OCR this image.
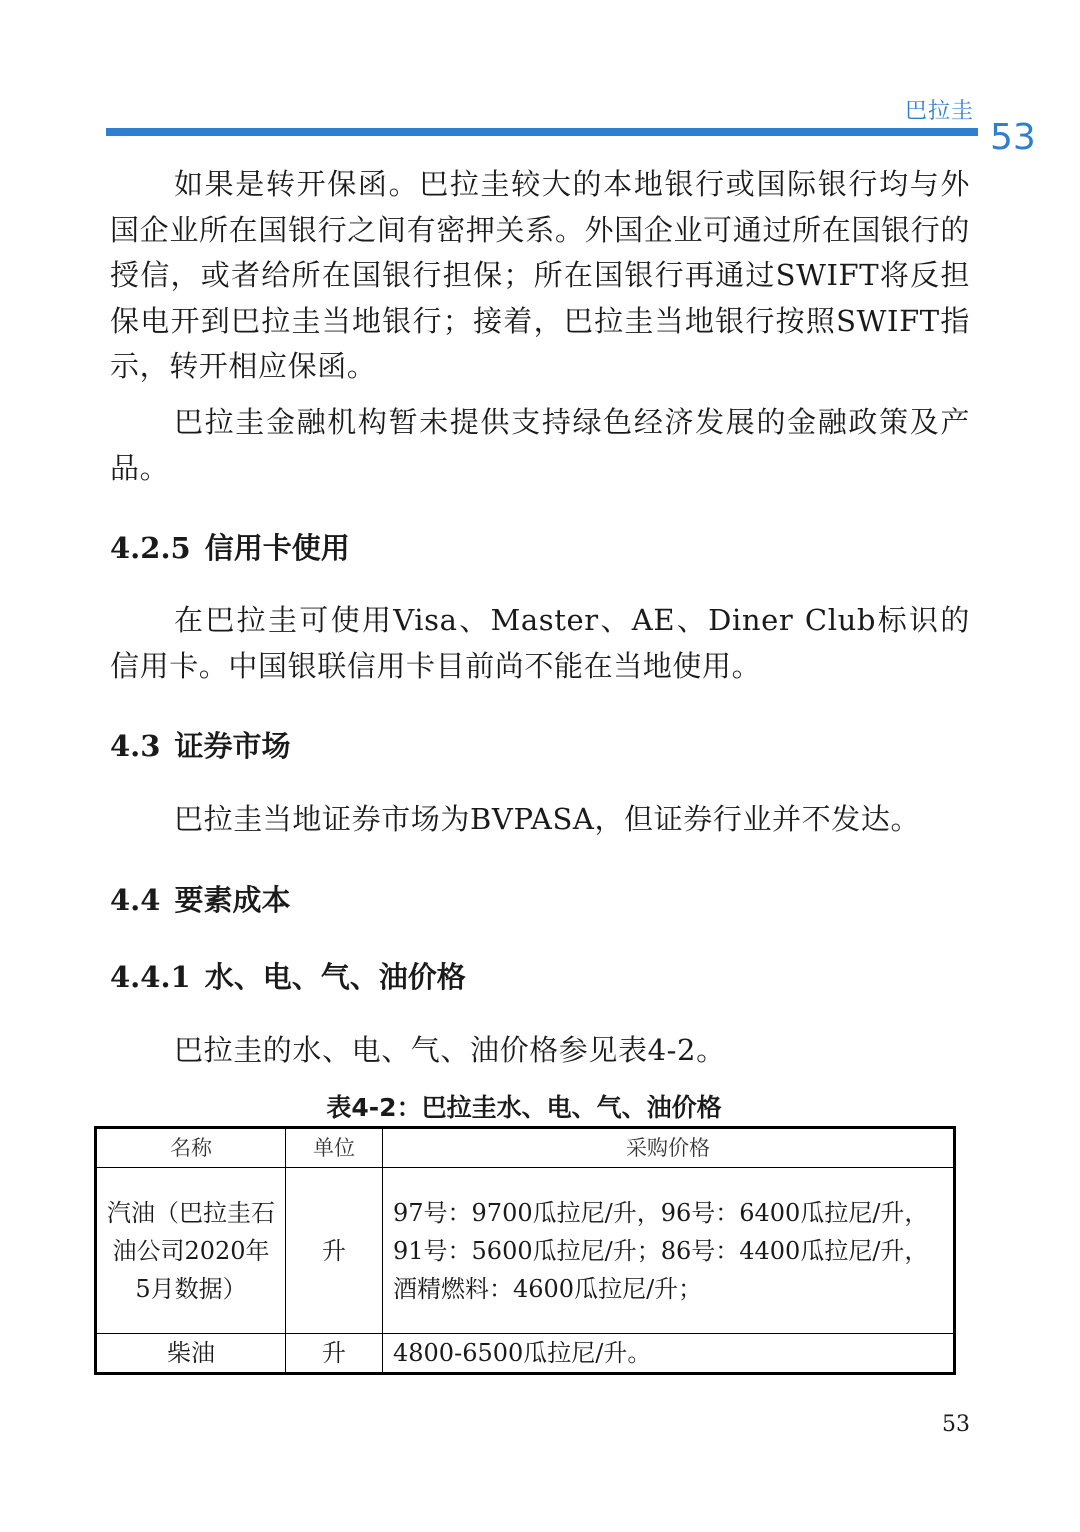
巴拉圭
53

如果是转开保函。巴拉圭较大的本地银行或国际银行均与外国企业所在国银行之间有密押关系。外国企业可通过所在国银行的授信，或者给所在国银行担保；所在国银行再通过SWIFT将反担保电开到巴拉圭当地银行；接着，巴拉圭当地银行按照SWIFT指示，转开相应保函。

巴拉圭金融机构暂未提供支持绿色经济发展的金融政策及产品。

4.2.5 信用卡使用

在巴拉圭可使用Visa、Master、AE、Diner Club标识的信用卡。中国银联信用卡目前尚不能在当地使用。

4.3 证券市场

巴拉圭当地证券市场为BVPASA，但证券行业并不发达。

4.4 要素成本
4.4.1 水、电、气、油价格

巴拉圭的水、电、气、油价格参见表4-2。

表4-2：巴拉圭水、电、气、油价格
名称	单位	采购价格
汽油（巴拉圭石油公司2020年5月数据）	升	97号：9700瓜拉尼/升，96号：6400瓜拉尼/升，91号：5600瓜拉尼/升；86号：4400瓜拉尼/升，酒精燃料：4600瓜拉尼/升；
柴油	升	4800-6500瓜拉尼/升。
53
